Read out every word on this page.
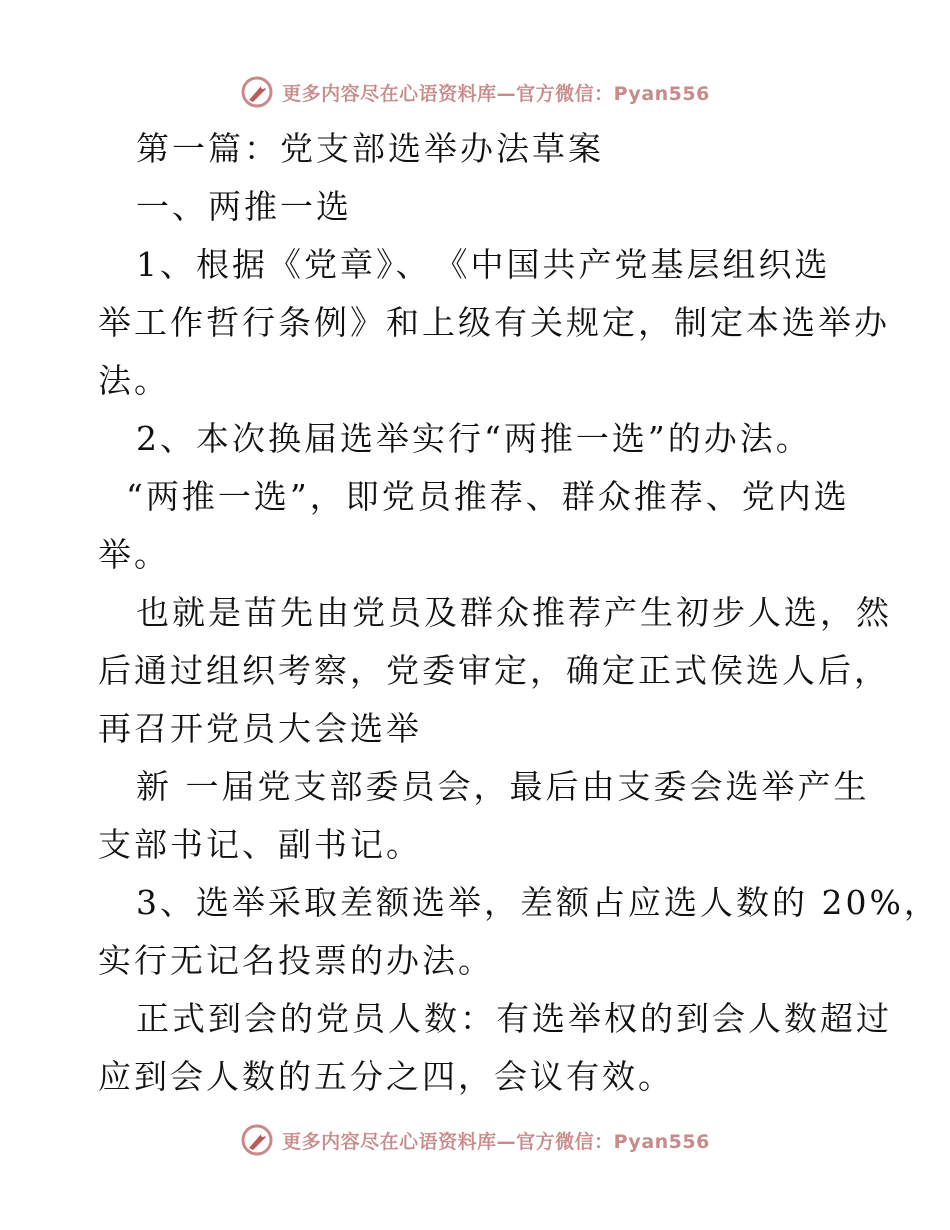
更多内容尽在心语资料库—官方微信：Pyan556

第一篇：党支部选举办法草案

一、两推一选

1、根据《党章》、　《中国共产党基层组织选

举工作哲行条例》和上级有关规定，制定本选举办

法。

2、本次换届选举实行“两推一选”的办法。

“两推一选”，即党员推荐、群众推荐、党内选

举。

也就是苗先由党员及群众推荐产生初步人选，然

后通过组织考察，党委审定，确定正式侯选人后，

再召开党员大会选举

新 一届党支部委员会，最后由支委会选举产生

支部书记、副书记。

3、选举采取差额选举，差额占应选人数的 20%，

实行无记名投票的办法。

正式到会的党员人数：有选举权的到会人数超过

应到会人数的五分之四，会议有效。

更多内容尽在心语资料库—官方微信：Pyan556
